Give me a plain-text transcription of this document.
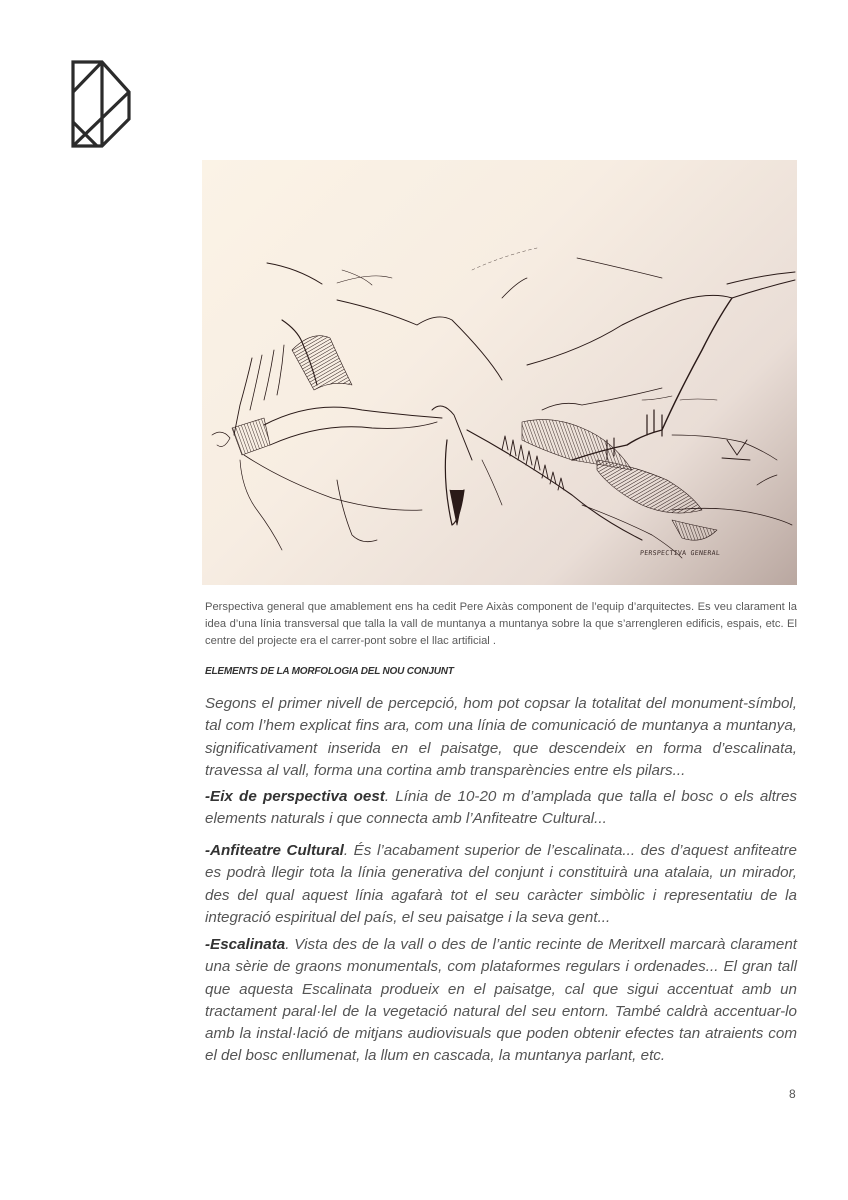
PERSPECTIVA GENERAL
Perspectiva general que amablement ens ha cedit Pere Aixàs component de l’equip d’arquitectes. Es veu clarament la idea d’una línia transversal que talla la vall de muntanya a muntanya sobre la que s’arrengleren edificis, espais, etc. El centre del projecte era el carrer-pont sobre el llac artificial .
ELEMENTS DE LA MORFOLOGIA DEL NOU CONJUNT

Segons el primer nivell de percepció, hom pot copsar la totalitat del monument-símbol, tal com l’hem explicat fins ara, com una línia de comunicació de muntanya a muntanya, significativament inserida en el paisatge, que descendeix en forma d’escalinata, travessa al vall, forma una cortina amb transparències entre els pilars...

-Eix de perspectiva oest. Línia de 10-20 m d’amplada que talla el bosc o els altres elements naturals i que connecta amb l’Anfiteatre Cultural...

-Anfiteatre Cultural. És l’acabament superior de l’escalinata... des d’aquest anfiteatre es podrà llegir tota la línia generativa del conjunt i constituirà una atalaia, un mirador, des del qual aquest línia agafarà tot el seu caràcter simbòlic i representatiu de la integració espiritual del país, el seu paisatge i la seva gent...

-Escalinata. Vista des de la vall o des de l’antic recinte de Meritxell marcarà clarament una sèrie de graons monumentals, com plataformes regulars i ordenades... El gran tall que aquesta Escalinata produeix en el paisatge, cal que sigui accentuat amb un tractament paral·lel de la vegetació natural del seu entorn. També caldrà accentuar-lo amb la instal·lació de mitjans audiovisuals que poden obtenir efectes tan atraients com el del bosc enllumenat, la llum en cascada, la muntanya parlant, etc.

8
